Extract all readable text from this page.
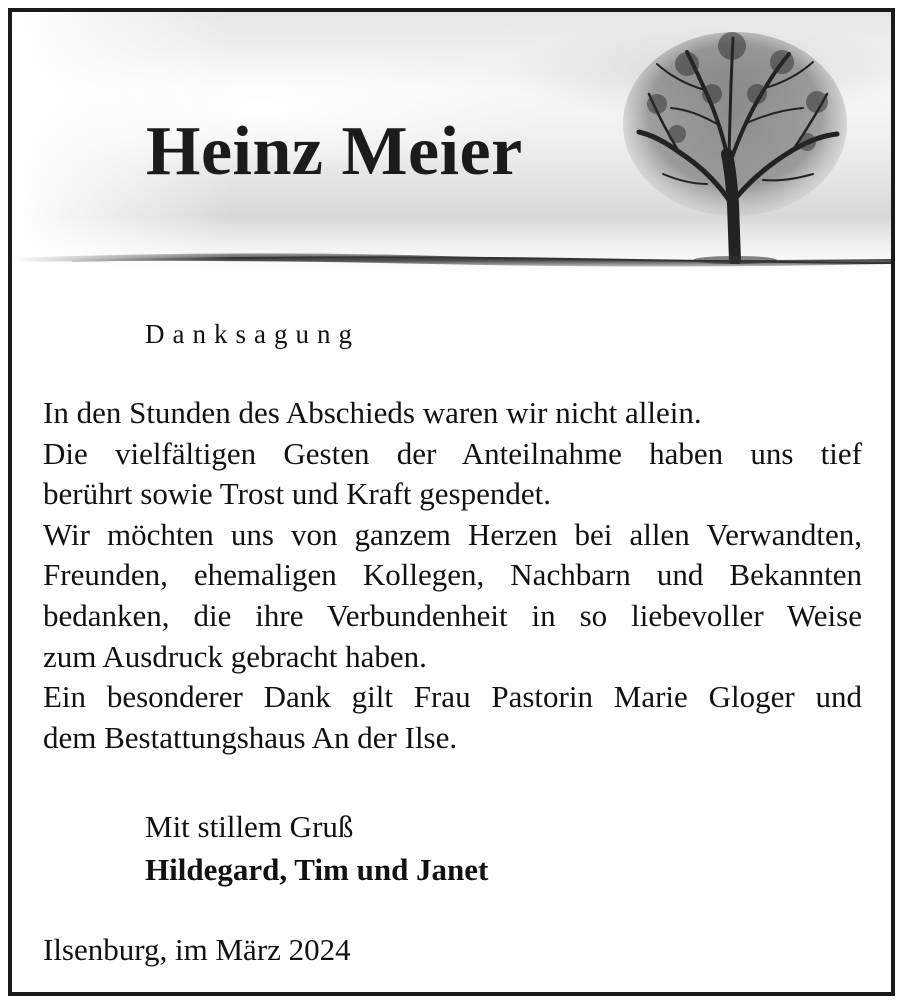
Heinz Meier

Danksagung

In den Stunden des Abschieds waren wir nicht allein.
Die vielfältigen Gesten der Anteilnahme haben uns tief
berührt sowie Trost und Kraft gespendet.
Wir möchten uns von ganzem Herzen bei allen Verwandten,
Freunden, ehemaligen Kollegen, Nachbarn und Bekannten
bedanken, die ihre Verbundenheit in so liebevoller Weise
zum Ausdruck gebracht haben.
Ein besonderer Dank gilt Frau Pastorin Marie Gloger und
dem Bestattungshaus An der Ilse.

Mit stillem Gruß

Hildegard, Tim und Janet

Ilsenburg, im März 2024
